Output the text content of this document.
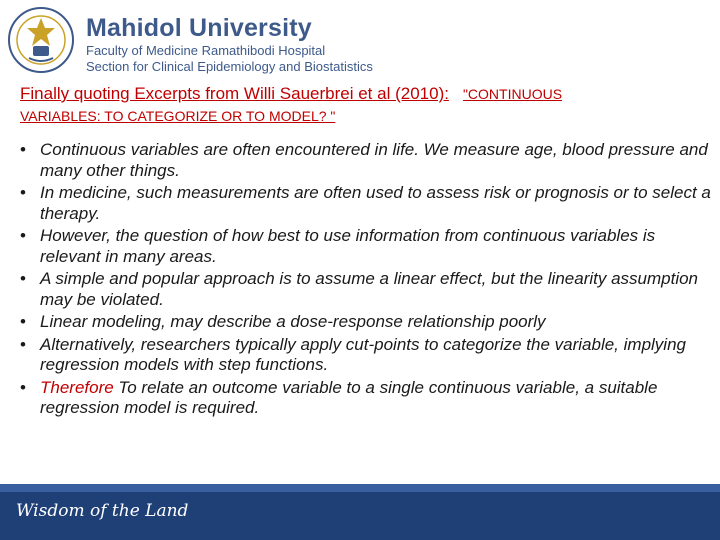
Mahidol University
Faculty of Medicine Ramathibodi Hospital
Section for Clinical Epidemiology and Biostatistics
Finally quoting Excerpts from Willi Sauerbrei et al (2010): "CONTINUOUS
VARIABLES: TO CATEGORIZE OR TO MODEL? "
• Continuous variables are often encountered in life. We measure age, blood pressure and many other things.
• In medicine, such measurements are often used to assess risk or prognosis or to select a therapy.
• However, the question of how best to use information from continuous variables is relevant in many areas.
• A simple and popular approach is to assume a linear effect, but the linearity assumption may be violated.
• Linear modeling, may describe a dose-response relationship poorly
• Alternatively, researchers typically apply cut-points to categorize the variable, implying regression models with step functions.
• Therefore To relate an outcome variable to a single continuous variable, a suitable regression model is required.
Wisdom of the Land
